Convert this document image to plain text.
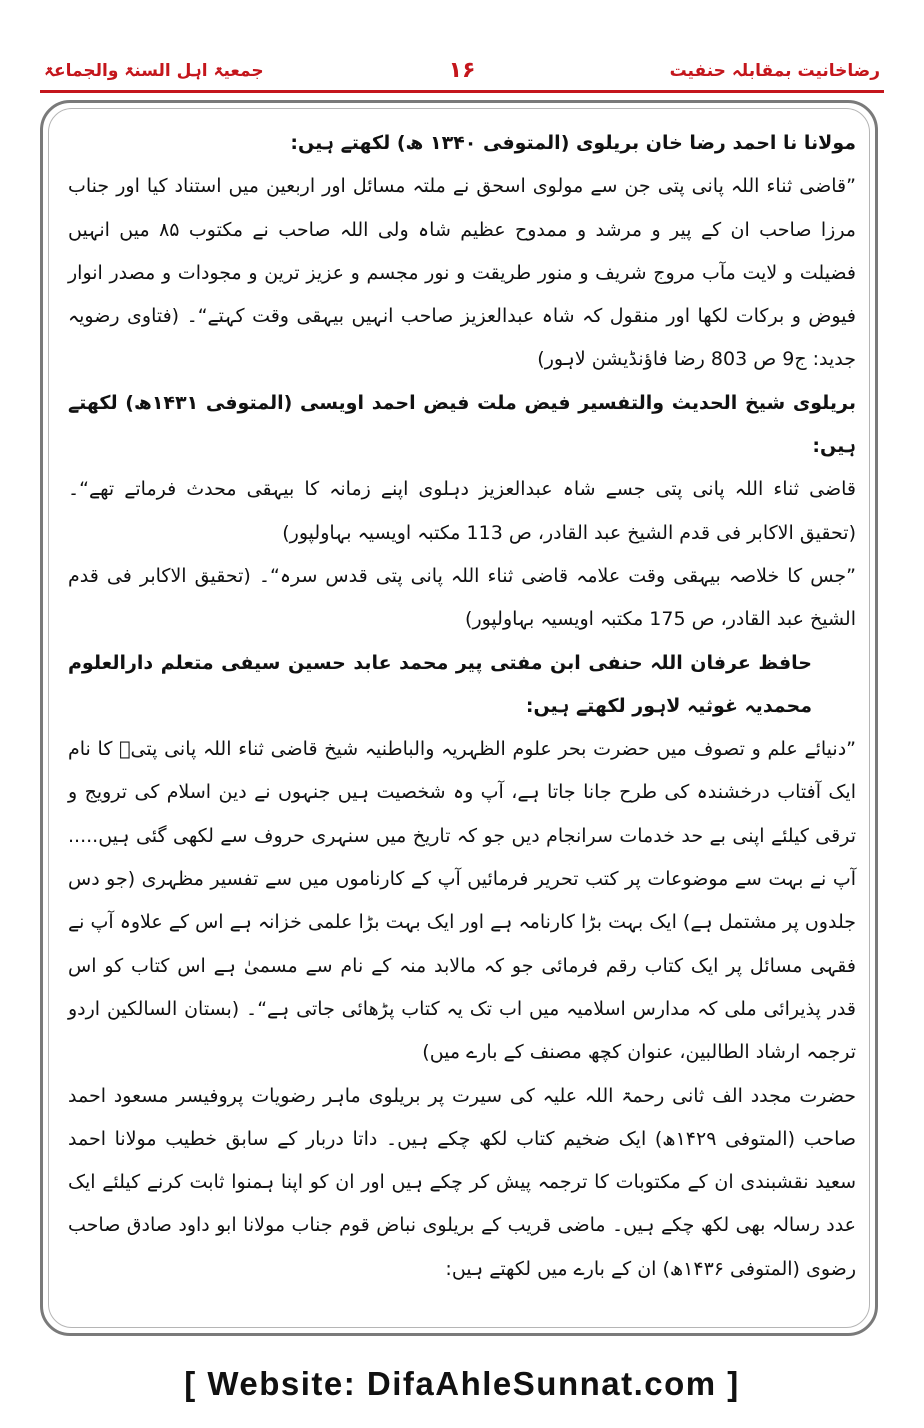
رضاخانیت بمقابلہ حنفیت
۱۶
جمعیۃ اہل السنۃ والجماعۃ

مولانا نا احمد رضا خان بریلوی (المتوفی ۱۳۴۰ ھ) لکھتے ہیں:

”قاضی ثناء اللہ پانی پتی جن سے مولوی اسحق نے ملتہ مسائل اور اربعین میں استناد کیا اور جناب مرزا صاحب ان کے پیر و مرشد و ممدوح عظیم شاہ ولی اللہ صاحب نے مکتوب ۸۵ میں انہیں فضیلت و لایت مآب مروج شریف و منور طریقت و نور مجسم و عزیز ترین و مجودات و مصدر انوار فیوض و برکات لکھا اور منقول کہ شاہ عبدالعزیز صاحب انہیں بیہقی وقت کہتے“۔ (فتاوی رضویہ جدید: ج9 ص 803 رضا فاؤنڈیشن لاہور)

بریلوی شیخ الحدیث والتفسیر فیض ملت فیض احمد اویسی (المتوفی ۱۴۳۱ھ) لکھتے ہیں:

قاضی ثناء اللہ پانی پتی جسے شاہ عبدالعزیز دہلوی اپنے زمانہ کا بیہقی محدث فرماتے تھے“۔ (تحقیق الاکابر فی قدم الشیخ عبد القادر، ص 113 مکتبہ اویسیہ بہاولپور)

”جس کا خلاصہ بیہقی وقت علامہ قاضی ثناء اللہ پانی پتی قدس سرہ“۔ (تحقیق الاکابر فی قدم الشیخ عبد القادر، ص 175 مکتبہ اویسیہ بہاولپور)

حافظ عرفان اللہ حنفی ابن مفتی پیر محمد عابد حسین سیفی متعلم دارالعلوم محمدیہ غوثیہ لاہور لکھتے ہیں:

”دنیائے علم و تصوف میں حضرت بحر علوم الظہریہ والباطنیہ شیخ قاضی ثناء اللہ پانی پتیؒ کا نام ایک آفتاب درخشندہ کی طرح جانا جاتا ہے، آپ وہ شخصیت ہیں جنہوں نے دین اسلام کی ترویج و ترقی کیلئے اپنی بے حد خدمات سرانجام دیں جو کہ تاریخ میں سنہری حروف سے لکھی گئی ہیں..... آپ نے بہت سے موضوعات پر کتب تحریر فرمائیں آپ کے کارناموں میں سے تفسیر مظہری (جو دس جلدوں پر مشتمل ہے) ایک بہت بڑا کارنامہ ہے اور ایک بہت بڑا علمی خزانہ ہے اس کے علاوہ آپ نے فقہی مسائل پر ایک کتاب رقم فرمائی جو کہ مالابد منہ کے نام سے مسمیٰ ہے اس کتاب کو اس قدر پذیرائی ملی کہ مدارس اسلامیہ میں اب تک یہ کتاب پڑھائی جاتی ہے“۔ (بستان السالکین اردو ترجمہ ارشاد الطالبین، عنوان کچھ مصنف کے بارے میں)

حضرت مجدد الف ثانی رحمۃ اللہ علیہ کی سیرت پر بریلوی ماہر رضویات پروفیسر مسعود احمد صاحب (المتوفی ۱۴۲۹ھ) ایک ضخیم کتاب لکھ چکے ہیں۔ داتا دربار کے سابق خطیب مولانا احمد سعید نقشبندی ان کے مکتوبات کا ترجمہ پیش کر چکے ہیں اور ان کو اپنا ہمنوا ثابت کرنے کیلئے ایک عدد رسالہ بھی لکھ چکے ہیں۔ ماضی قریب کے بریلوی نباض قوم جناب مولانا ابو داود صادق صاحب رضوی (المتوفی ۱۴۳۶ھ) ان کے بارے میں لکھتے ہیں:

[ Website: DifaAhleSunnat.com ]
